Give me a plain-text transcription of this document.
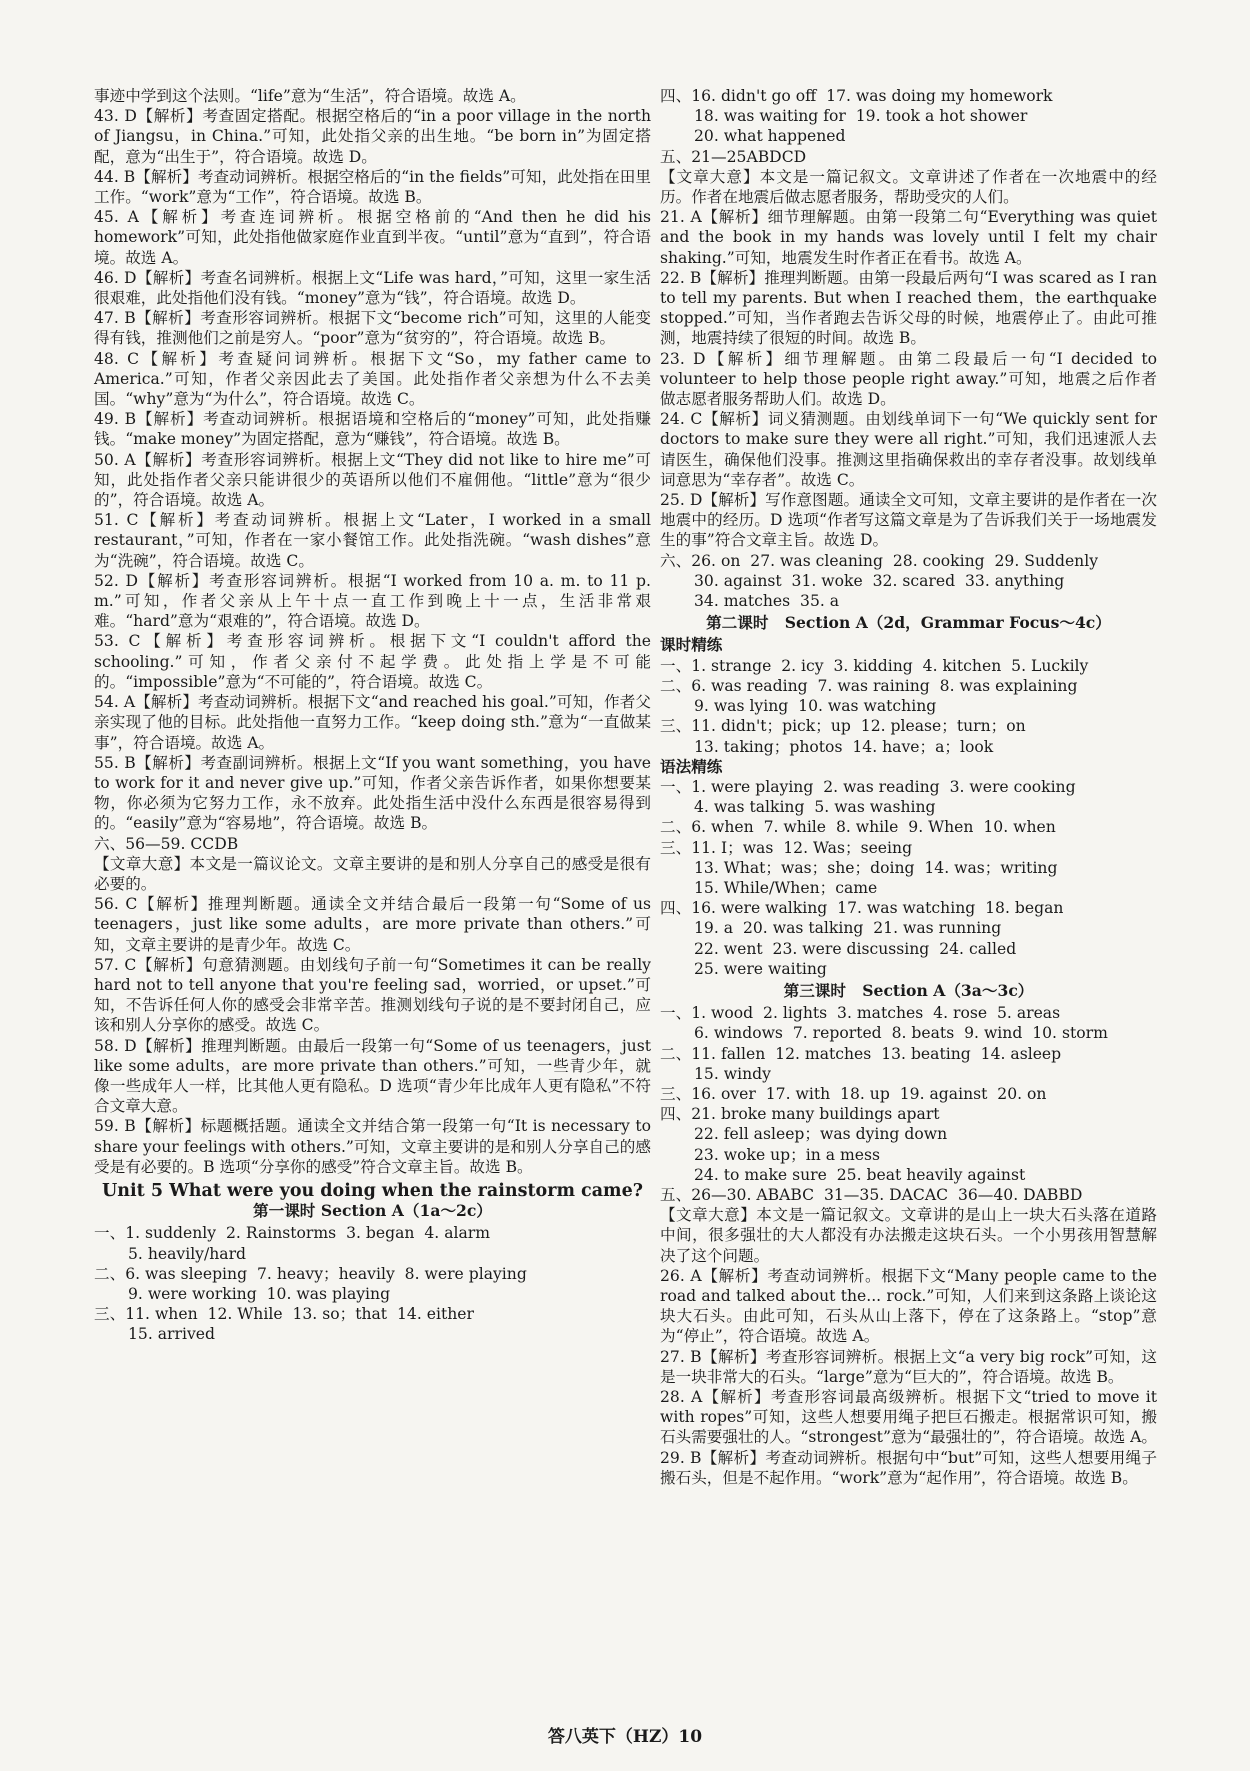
事迹中学到这个法则。“life”意为“生活”，符合语境。故选 A。
43. D【解析】考查固定搭配。根据空格后的“in a poor village in the north of Jiangsu，in China.”可知，此处指父亲的出生地。“be born in”为固定搭配，意为“出生于”，符合语境。故选 D。
44. B【解析】考查动词辨析。根据空格后的“in the fields”可知，此处指在田里工作。“work”意为“工作”，符合语境。故选 B。
45. A【解析】考查连词辨析。根据空格前的“And then he did his homework”可知，此处指他做家庭作业直到半夜。“until”意为“直到”，符合语境。故选 A。
46. D【解析】考查名词辨析。根据上文“Life was hard，”可知，这里一家生活很艰难，此处指他们没有钱。“money”意为“钱”，符合语境。故选 D。
47. B【解析】考查形容词辨析。根据下文“become rich”可知，这里的人能变得有钱，推测他们之前是穷人。“poor”意为“贫穷的”，符合语境。故选 B。
48. C【解析】考查疑问词辨析。根据下文“So，my father came to America.”可知，作者父亲因此去了美国。此处指作者父亲想为什么不去美国。“why”意为“为什么”，符合语境。故选 C。
49. B【解析】考查动词辨析。根据语境和空格后的“money”可知，此处指赚钱。“make money”为固定搭配，意为“赚钱”，符合语境。故选 B。
50. A【解析】考查形容词辨析。根据上文“They did not like to hire me”可知，此处指作者父亲只能讲很少的英语所以他们不雇佣他。“little”意为“很少的”，符合语境。故选 A。
51. C【解析】考查动词辨析。根据上文“Later，I worked in a small restaurant，”可知，作者在一家小餐馆工作。此处指洗碗。“wash dishes”意为“洗碗”，符合语境。故选 C。
52. D【解析】考查形容词辨析。根据“I worked from 10 a. m. to 11 p. m.”可知，作者父亲从上午十点一直工作到晚上十一点，生活非常艰难。“hard”意为“艰难的”，符合语境。故选 D。
53. C【解析】考查形容词辨析。根据下文“I couldn't afford the schooling.”可知，作者父亲付不起学费。此处指上学是不可能的。“impossible”意为“不可能的”，符合语境。故选 C。
54. A【解析】考查动词辨析。根据下文“and reached his goal.”可知，作者父亲实现了他的目标。此处指他一直努力工作。“keep doing sth.”意为“一直做某事”，符合语境。故选 A。
55. B【解析】考查副词辨析。根据上文“If you want something，you have to work for it and never give up.”可知，作者父亲告诉作者，如果你想要某物，你必须为它努力工作，永不放弃。此处指生活中没什么东西是很容易得到的。“easily”意为“容易地”，符合语境。故选 B。
六、56—59. CCDB
【文章大意】本文是一篇议论文。文章主要讲的是和别人分享自己的感受是很有必要的。
56. C【解析】推理判断题。通读全文并结合最后一段第一句“Some of us teenagers，just like some adults，are more private than others.”可知，文章主要讲的是青少年。故选 C。
57. C【解析】句意猜测题。由划线句子前一句“Sometimes it can be really hard not to tell anyone that you're feeling sad，worried，or upset.”可知，不告诉任何人你的感受会非常辛苦。推测划线句子说的是不要封闭自己，应该和别人分享你的感受。故选 C。
58. D【解析】推理判断题。由最后一段第一句“Some of us teenagers，just like some adults，are more private than others.”可知，一些青少年，就像一些成年人一样，比其他人更有隐私。D 选项“青少年比成年人更有隐私”不符合文章大意。
59. B【解析】标题概括题。通读全文并结合第一段第一句“It is necessary to share your feelings with others.”可知，文章主要讲的是和别人分享自己的感受是有必要的。B 选项“分享你的感受”符合文章主旨。故选 B。
Unit 5 What were you doing when the rainstorm came?
第一课时 Section A（1a～2c）
一、1. suddenly  2. Rainstorms  3. began  4. alarm
5. heavily/hard
二、6. was sleeping  7. heavy；heavily  8. were playing
9. were working  10. was playing
三、11. when  12. While  13. so；that  14. either
15. arrived
四、16. didn't go off  17. was doing my homework
18. was waiting for  19. took a hot shower
20. what happened
五、21—25ABDCD
【文章大意】本文是一篇记叙文。文章讲述了作者在一次地震中的经历。作者在地震后做志愿者服务，帮助受灾的人们。
21. A【解析】细节理解题。由第一段第二句“Everything was quiet and the book in my hands was lovely until I felt my chair shaking.”可知，地震发生时作者正在看书。故选 A。
22. B【解析】推理判断题。由第一段最后两句“I was scared as I ran to tell my parents. But when I reached them，the earthquake stopped.”可知，当作者跑去告诉父母的时候，地震停止了。由此可推测，地震持续了很短的时间。故选 B。
23. D【解析】细节理解题。由第二段最后一句“I decided to volunteer to help those people right away.”可知，地震之后作者做志愿者服务帮助人们。故选 D。
24. C【解析】词义猜测题。由划线单词下一句“We quickly sent for doctors to make sure they were all right.”可知，我们迅速派人去请医生，确保他们没事。推测这里指确保救出的幸存者没事。故划线单词意思为“幸存者”。故选 C。
25. D【解析】写作意图题。通读全文可知，文章主要讲的是作者在一次地震中的经历。D 选项“作者写这篇文章是为了告诉我们关于一场地震发生的事”符合文章主旨。故选 D。
六、26. on  27. was cleaning  28. cooking  29. Suddenly
30. against  31. woke  32. scared  33. anything
34. matches  35. a
第二课时   Section A（2d，Grammar Focus～4c）
课时精练
一、1. strange  2. icy  3. kidding  4. kitchen  5. Luckily
二、6. was reading  7. was raining  8. was explaining
9. was lying  10. was watching
三、11. didn't；pick；up  12. please；turn；on
13. taking；photos  14. have；a；look
语法精练
一、1. were playing  2. was reading  3. were cooking
4. was talking  5. was washing
二、6. when  7. while  8. while  9. When  10. when
三、11. I；was  12. Was；seeing
13. What；was；she；doing  14. was；writing
15. While/When；came
四、16. were walking  17. was watching  18. began
19. a  20. was talking  21. was running
22. went  23. were discussing  24. called
25. were waiting
第三课时   Section A（3a～3c）
一、1. wood  2. lights  3. matches  4. rose  5. areas
6. windows  7. reported  8. beats  9. wind  10. storm
二、11. fallen  12. matches  13. beating  14. asleep
15. windy
三、16. over  17. with  18. up  19. against  20. on
四、21. broke many buildings apart
22. fell asleep；was dying down
23. woke up；in a mess
24. to make sure  25. beat heavily against
五、26—30. ABABC  31—35. DACAC  36—40. DABBD
【文章大意】本文是一篇记叙文。文章讲的是山上一块大石头落在道路中间，很多强壮的大人都没有办法搬走这块石头。一个小男孩用智慧解决了这个问题。
26. A【解析】考查动词辨析。根据下文“Many people came to the road and talked about the... rock.”可知，人们来到这条路上谈论这块大石头。由此可知，石头从山上落下，停在了这条路上。“stop”意为“停止”，符合语境。故选 A。
27. B【解析】考查形容词辨析。根据上文“a very big rock”可知，这是一块非常大的石头。“large”意为“巨大的”，符合语境。故选 B。
28. A【解析】考查形容词最高级辨析。根据下文“tried to move it with ropes”可知，这些人想要用绳子把巨石搬走。根据常识可知，搬石头需要强壮的人。“strongest”意为“最强壮的”，符合语境。故选 A。
29. B【解析】考查动词辨析。根据句中“but”可知，这些人想要用绳子搬石头，但是不起作用。“work”意为“起作用”，符合语境。故选 B。
答八英下（HZ）10
